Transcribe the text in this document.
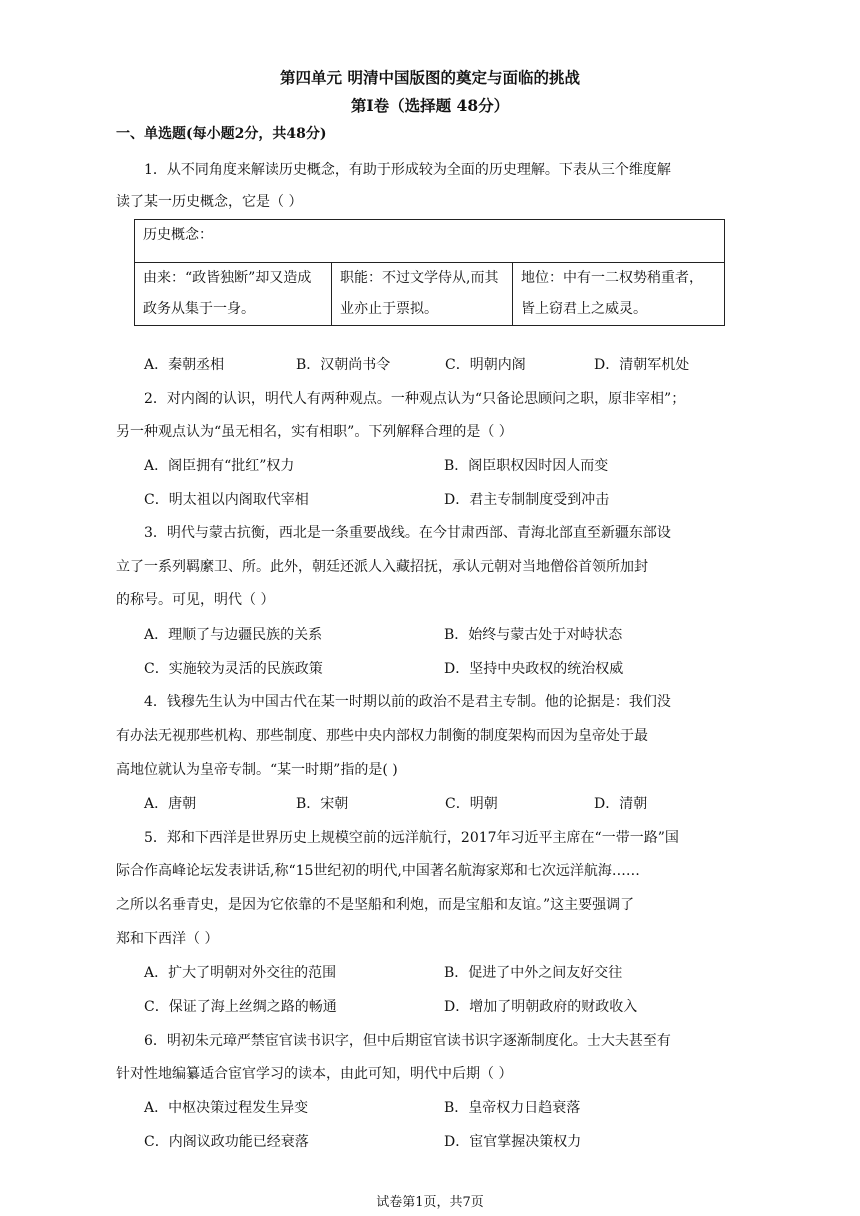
第四单元 明清中国版图的奠定与面临的挑战
第Ⅰ卷（选择题 48分）
一、单选题(每小题2分，共48分)
1．从不同角度来解读历史概念，有助于形成较为全面的历史理解。下表从三个维度解
读了某一历史概念，它是（ ）
历史概念：

由来：“政皆独断”却又造成
政务从集于一身。

职能：不过文学侍从,而其
业亦止于票拟。

地位：中有一二权势稍重者，
皆上窃君上之威灵。
A．秦朝丞相	B．汉朝尚书令	C．明朝内阁	D．清朝军机处
2．对内阁的认识，明代人有两种观点。一种观点认为“只备论思顾问之职，原非宰相”；
另一种观点认为“虽无相名，实有相职”。下列解释合理的是（ ）
A．阁臣拥有“批红”权力	B．阁臣职权因时因人而变
C．明太祖以内阁取代宰相	D．君主专制制度受到冲击
3．明代与蒙古抗衡，西北是一条重要战线。在今甘肃西部、青海北部直至新疆东部设
立了一系列羁縻卫、所。此外，朝廷还派人入藏招抚，承认元朝对当地僧俗首领所加封
的称号。可见，明代（ ）
A．理顺了与边疆民族的关系	B．始终与蒙古处于对峙状态
C．实施较为灵活的民族政策	D．坚持中央政权的统治权威
4．钱穆先生认为中国古代在某一时期以前的政治不是君主专制。他的论据是：我们没
有办法无视那些机构、那些制度、那些中央内部权力制衡的制度架构而因为皇帝处于最
高地位就认为皇帝专制。“某一时期”指的是( )
A．唐朝	B．宋朝	C．明朝	D．清朝
5．郑和下西洋是世界历史上规模空前的远洋航行，2017年习近平主席在“一带一路”国
际合作高峰论坛发表讲话,称“15世纪初的明代,中国著名航海家郑和七次远洋航海……
之所以名垂青史，是因为它依靠的不是坚船和利炮，而是宝船和友谊。”这主要强调了
郑和下西洋（ ）
A．扩大了明朝对外交往的范围	B．促进了中外之间友好交往
C．保证了海上丝绸之路的畅通	D．增加了明朝政府的财政收入
6．明初朱元璋严禁宦官读书识字，但中后期宦官读书识字逐渐制度化。士大夫甚至有
针对性地编纂适合宦官学习的读本，由此可知，明代中后期（ ）
A．中枢决策过程发生异变	B．皇帝权力日趋衰落
C．内阁议政功能已经衰落	D．宦官掌握决策权力
试卷第1页，共7页
